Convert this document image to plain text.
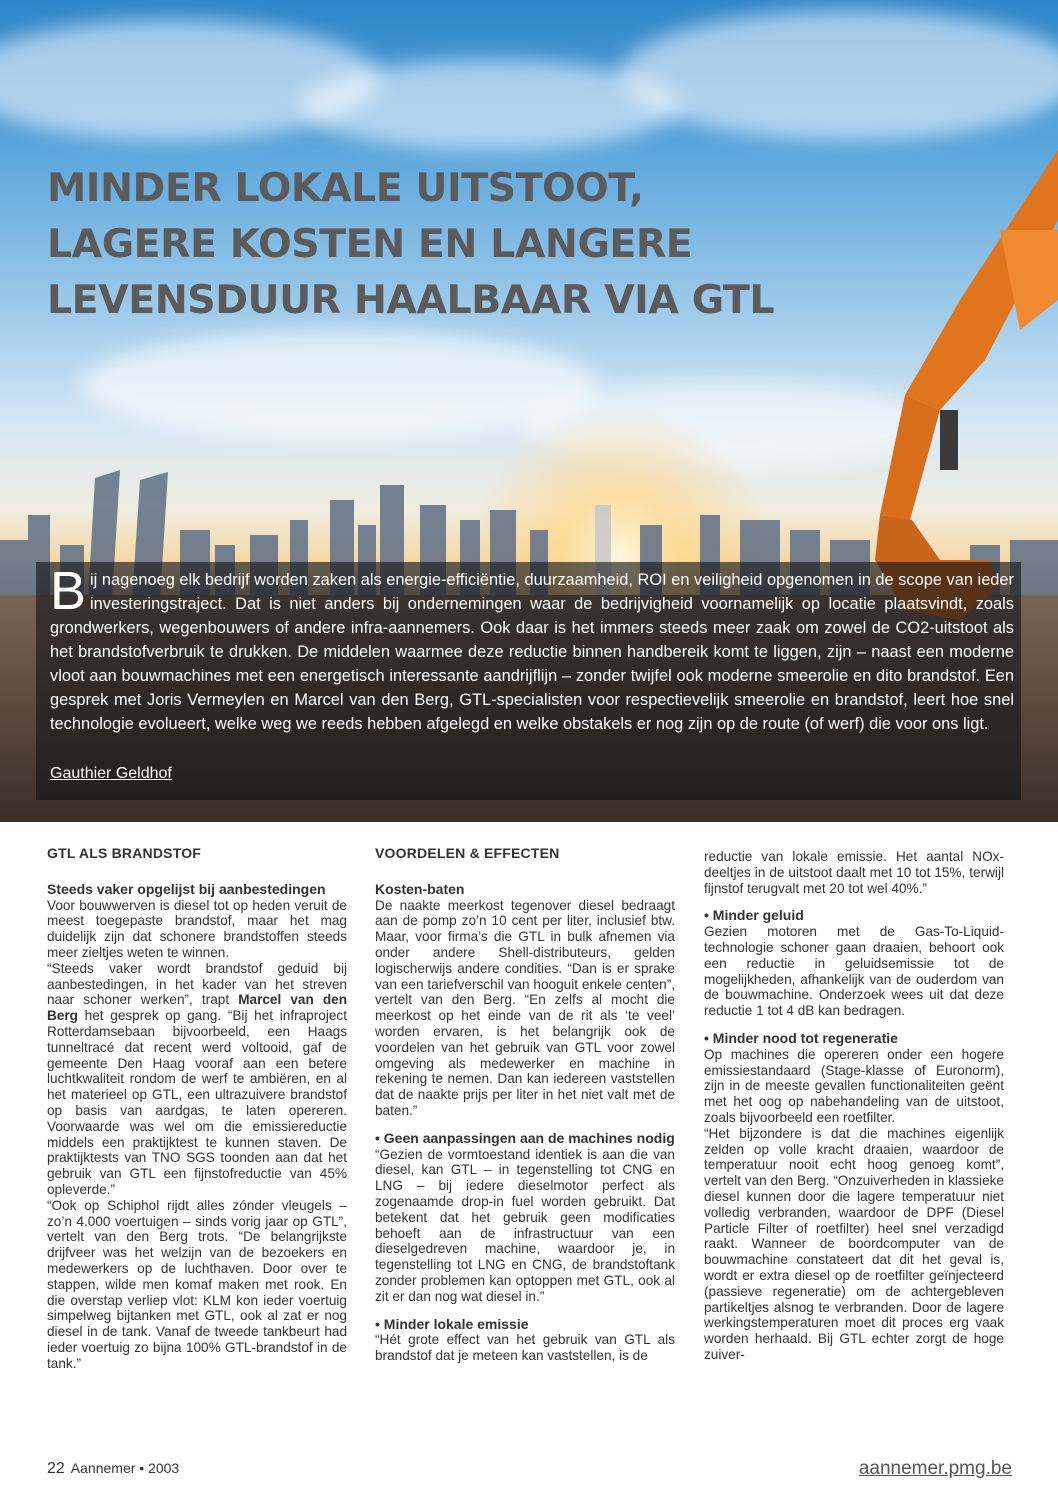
MINDER LOKALE UITSTOOT,
LAGERE KOSTEN EN LANGERE
LEVENSDUUR HAALBAAR VIA GTL

Bij nagenoeg elk bedrijf worden zaken als energie-efficiëntie, duurzaamheid, ROI en veiligheid opgenomen in de scope van ieder investeringstraject. Dat is niet anders bij ondernemingen waar de bedrijvigheid voornamelijk op locatie plaatsvindt, zoals grondwerkers, wegenbouwers of andere infra-aannemers. Ook daar is het immers steeds meer zaak om zowel de CO2-uitstoot als het brandstofverbruik te drukken. De middelen waarmee deze reductie binnen handbereik komt te liggen, zijn – naast een moderne vloot aan bouwmachines met een energetisch interessante aandrijflijn – zonder twijfel ook moderne smeerolie en dito brandstof. Een gesprek met Joris Vermeylen en Marcel van den Berg, GTL-specialisten voor respectievelijk smeerolie en brandstof, leert hoe snel technologie evolueert, welke weg we reeds hebben afgelegd en welke obstakels er nog zijn op de route (of werf) die voor ons ligt.

Gauthier Geldhof
GTL ALS BRANDSTOF
Steeds vaker opgelijst bij aanbestedingen

Voor bouwwerven is diesel tot op heden veruit de meest toegepaste brandstof, maar het mag duidelijk zijn dat schonere brandstoffen steeds meer zieltjes weten te winnen.

“Steeds vaker wordt brandstof geduid bij aanbestedingen, in het kader van het streven naar schoner werken”, trapt Marcel van den Berg het gesprek op gang. “Bij het infraproject Rotterdamsebaan bijvoorbeeld, een Haags tunneltracé dat recent werd voltooid, gaf de gemeente Den Haag vooraf aan een betere luchtkwaliteit rondom de werf te ambiëren, en al het materieel op GTL, een ultrazuivere brandstof op basis van aardgas, te laten opereren. Voorwaarde was wel om die emissiereductie middels een praktijktest te kunnen staven. De praktijktests van TNO SGS toonden aan dat het gebruik van GTL een fijnstofreductie van 45% opleverde.”

“Ook op Schiphol rijdt alles zónder vleugels – zo’n 4.000 voertuigen – sinds vorig jaar op GTL”, vertelt van den Berg trots. “De belangrijkste drijfveer was het welzijn van de bezoekers en medewerkers op de luchthaven. Door over te stappen, wilde men komaf maken met rook. En die overstap verliep vlot: KLM kon ieder voertuig simpelweg bijtanken met GTL, ook al zat er nog diesel in de tank. Vanaf de tweede tankbeurt had ieder voertuig zo bijna 100% GTL-brandstof in de tank.”

VOORDELEN & EFFECTEN
Kosten-baten

De naakte meerkost tegenover diesel bedraagt aan de pomp zo’n 10 cent per liter, inclusief btw. Maar, voor firma’s die GTL in bulk afnemen via onder andere Shell-distributeurs, gelden logischerwijs andere condities. “Dan is er sprake van een tariefverschil van hooguit enkele centen”, vertelt van den Berg. “En zelfs al mocht die meerkost op het einde van de rit als ‘te veel’ worden ervaren, is het belangrijk ook de voordelen van het gebruik van GTL voor zowel omgeving als medewerker en machine in rekening te nemen. Dan kan iedereen vaststellen dat de naakte prijs per liter in het niet valt met de baten.”

• Geen aanpassingen aan de machines nodig

“Gezien de vormtoestand identiek is aan die van diesel, kan GTL – in tegenstelling tot CNG en LNG – bij iedere dieselmotor perfect als zogenaamde drop-in fuel worden gebruikt. Dat betekent dat het gebruik geen modificaties behoeft aan de infrastructuur van een dieselgedreven machine, waardoor je, in tegenstelling tot LNG en CNG, de brandstoftank zonder problemen kan optoppen met GTL, ook al zit er dan nog wat diesel in.”

• Minder lokale emissie

“Hét grote effect van het gebruik van GTL als brandstof dat je meteen kan vaststellen, is de

reductie van lokale emissie. Het aantal NOx-deeltjes in de uitstoot daalt met 10 tot 15%, terwijl fijnstof terugvalt met 20 tot wel 40%.”

• Minder geluid

Gezien motoren met de Gas-To-Liquid-technologie schoner gaan draaien, behoort ook een reductie in geluidsemissie tot de mogelijkheden, afhankelijk van de ouderdom van de bouwmachine. Onderzoek wees uit dat deze reductie 1 tot 4 dB kan bedragen.

• Minder nood tot regeneratie

Op machines die opereren onder een hogere emissiestandaard (Stage-klasse of Euronorm), zijn in de meeste gevallen functionaliteiten geënt met het oog op nabehandeling van de uitstoot, zoals bijvoorbeeld een roetfilter.

“Het bijzondere is dat die machines eigenlijk zelden op volle kracht draaien, waardoor de temperatuur nooit echt hoog genoeg komt”, vertelt van den Berg. “Onzuiverheden in klassieke diesel kunnen door die lagere temperatuur niet volledig verbranden, waardoor de DPF (Diesel Particle Filter of roetfilter) heel snel verzadigd raakt. Wanneer de boordcomputer van de bouwmachine constateert dat dit het geval is, wordt er extra diesel op de roetfilter geïnjecteerd (passieve regeneratie) om de achtergebleven partikeltjes alsnog te verbranden. Door de lagere werkingstemperaturen moet dit proces erg vaak worden herhaald. Bij GTL echter zorgt de hoge zuiver-

22 Aannemer • 2003	aannemer.pmg.be
